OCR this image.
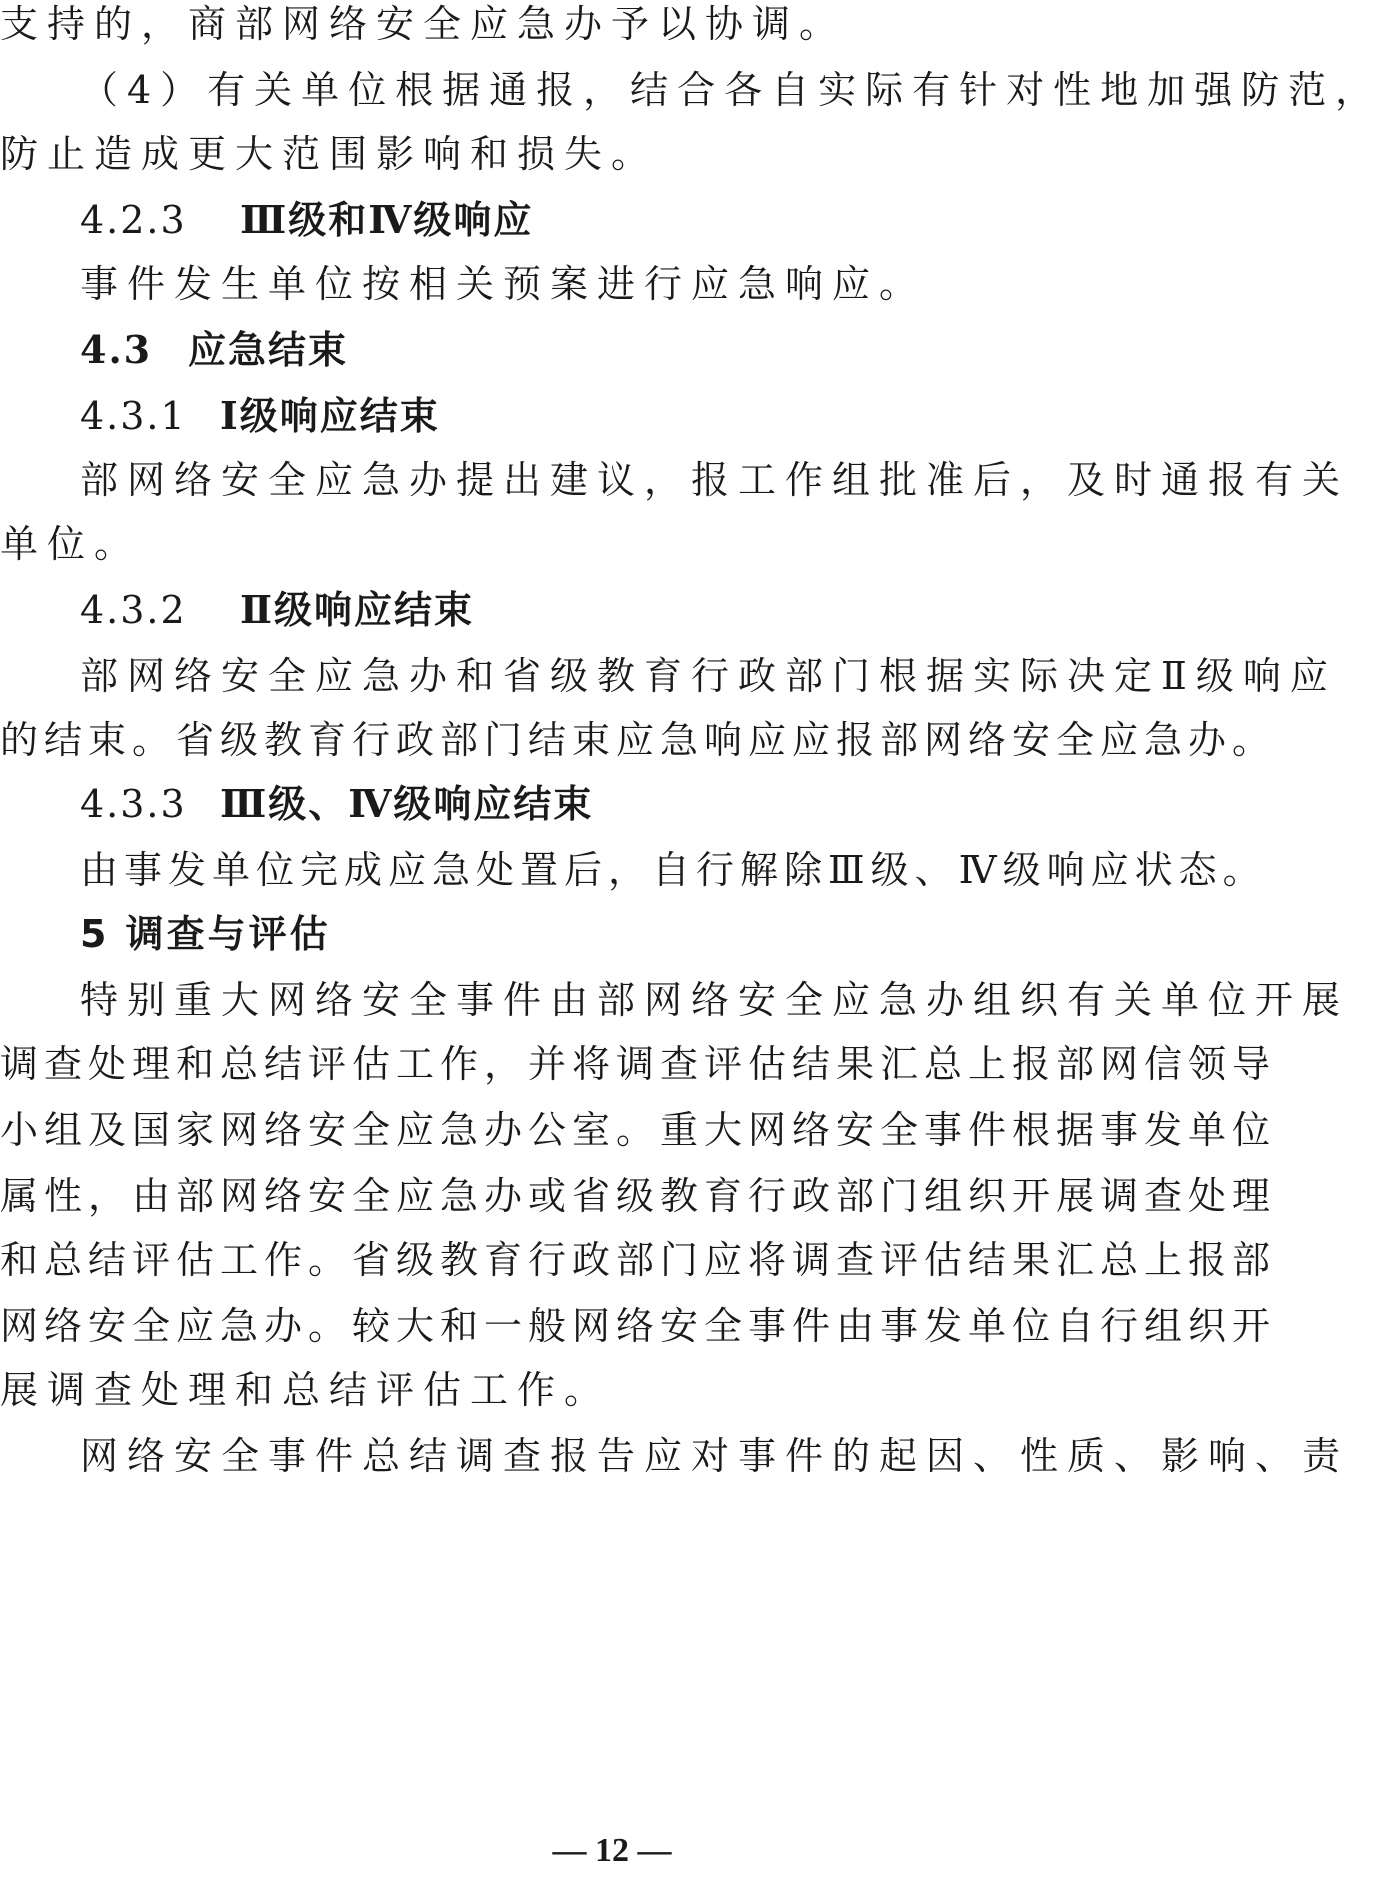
支持的，商部网络安全应急办予以协调。
（4）有关单位根据通报，结合各自实际有针对性地加强防范，
防止造成更大范围影响和损失。
4.2.3 Ⅲ级和Ⅳ级响应
事件发生单位按相关预案进行应急响应。
4.3 应急结束
4.3.1 Ⅰ级响应结束
部网络安全应急办提出建议，报工作组批准后，及时通报有关
单位。
4.3.2 Ⅱ级响应结束
部网络安全应急办和省级教育行政部门根据实际决定Ⅱ级响应
的结束。省级教育行政部门结束应急响应应报部网络安全应急办。
4.3.3 Ⅲ级、Ⅳ级响应结束
由事发单位完成应急处置后，自行解除Ⅲ级、Ⅳ级响应状态。
5 调查与评估
特别重大网络安全事件由部网络安全应急办组织有关单位开展
调查处理和总结评估工作，并将调查评估结果汇总上报部网信领导
小组及国家网络安全应急办公室。重大网络安全事件根据事发单位
属性，由部网络安全应急办或省级教育行政部门组织开展调查处理
和总结评估工作。省级教育行政部门应将调查评估结果汇总上报部
网络安全应急办。较大和一般网络安全事件由事发单位自行组织开
展调查处理和总结评估工作。
网络安全事件总结调查报告应对事件的起因、性质、影响、责
— 12 —
